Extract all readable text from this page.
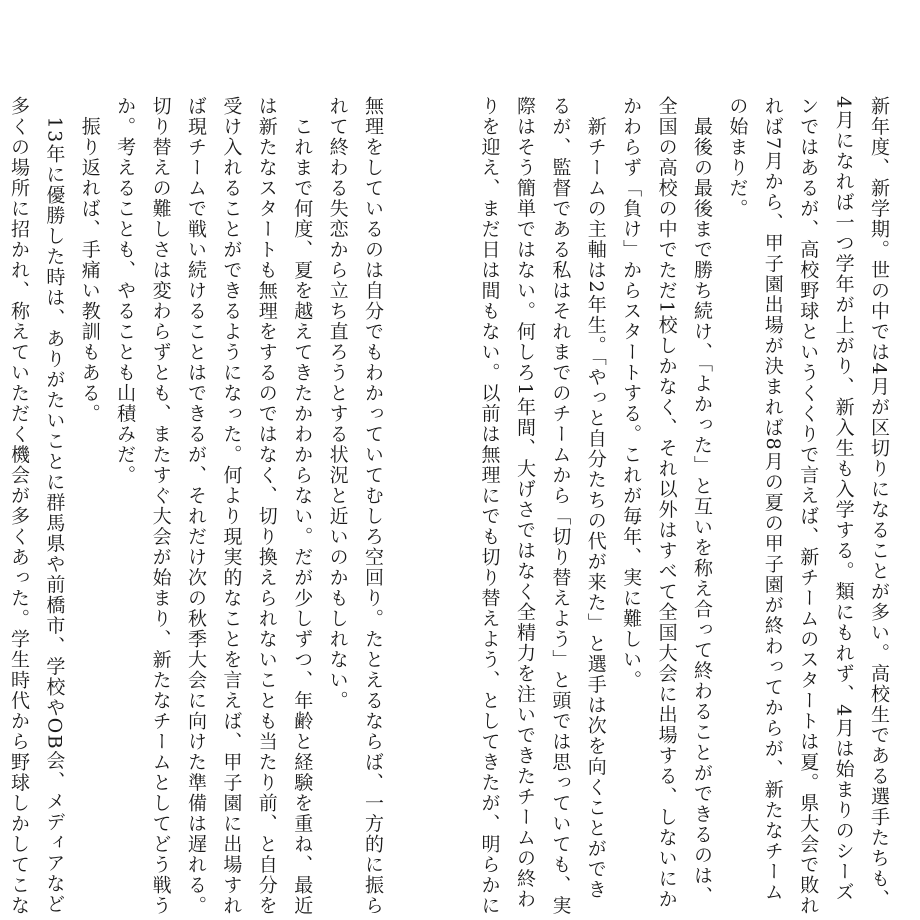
新年度、新学期。世の中では4月が区切りになることが多い。高校生である選手たちも、

4月になれば一つ学年が上がり、新入生も入学する。類にもれず、4月は始まりのシーズ

ンではあるが、高校野球というくくりで言えば、新チームのスタートは夏。県大会で敗れ

れば7月から、甲子園出場が決まれば8月の夏の甲子園が終わってからが、新たなチーム

の始まりだ。

　最後の最後まで勝ち続け、「よかった」と互いを称え合って終わることができるのは、

全国の高校の中でただ1校しかなく、それ以外はすべて全国大会に出場する、しないにか

かわらず「負け」からスタートする。これが毎年、実に難しい。

　新チームの主軸は2年生。「やっと自分たちの代が来た」と選手は次を向くことができ

るが、監督である私はそれまでのチームから「切り替えよう」と頭では思っていても、実

際はそう簡単ではない。何しろ1年間、大げさではなく全精力を注いできたチームの終わ

りを迎え、まだ日は間もない。以前は無理にでも切り替えよう、としてきたが、明らかに

無理をしているのは自分でもわかっていてむしろ空回り。たとえるならば、一方的に振ら

れて終わる失恋から立ち直ろうとする状況と近いのかもしれない。

　これまで何度、夏を越えてきたかわからない。だが少しずつ、年齢と経験を重ね、最近

は新たなスタートも無理をするのではなく、切り換えられないことも当たり前、と自分を

受け入れることができるようになった。何より現実的なことを言えば、甲子園に出場すれ

ば現チームで戦い続けることはできるが、それだけ次の秋季大会に向けた準備は遅れる。

切り替えの難しさは変わらずとも、またすぐ大会が始まり、新たなチームとしてどう戦う

か。考えることも、やることも山積みだ。

　振り返れば、手痛い教訓もある。

　13年に優勝した時は、ありがたいことに群馬県や前橋市、学校やOB会、メディアなど

多くの場所に招かれ、称えていただく機会が多くあった。学生時代から野球しかしてこな
